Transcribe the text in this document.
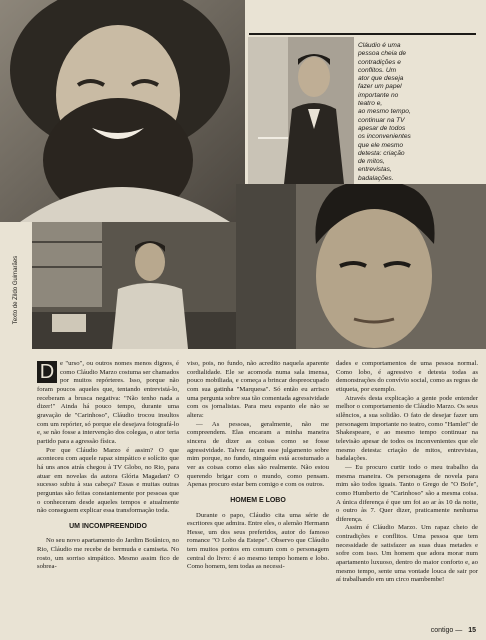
Cláudio é uma
pessoa cheia de
contradições e
conflitos. Um
ator que deseja
fazer um papel
importante no
teatro e,
ao mesmo tempo,
continuar na TV
apesar de todos
os inconvenientes
que ele mesmo
detesta: criação
de mitos,
entrevistas,
badalações.
Texto de Zildo Guimarães

D e "urso", ou outros nomes menos dignos, é como Cláudio Marzo costuma ser chamados por muitos repórteres. Isso, porque não foram poucos aqueles que, tentando entrevistá-lo, receberam a brusca negativa: "Não tenho nada a dizer!" Ainda há pouco tempo, durante uma gravação de "Carinhoso", Cláudio trocou insultos com um repórter, só porque ele desejava fotografá-lo e, se não fosse a intervenção dos colegas, o ator teria partido para a agressão física.

Por que Cláudio Marzo é assim? O que aconteceu com aquele rapaz simpático e solícito que há uns anos atrás chegou à TV Globo, no Rio, para atuar em novelas da autora Glória Magadan? O sucesso subiu à sua cabeça? Essas e muitas outras perguntas são feitas constantemente por pessoas que o conheceram desde aqueles tempos e atualmente não conseguem explicar essa transformação toda.

UM INCOMPREENDIDO

No seu novo apartamento do Jardim Botânico, no Rio, Cláudio me recebe de bermuda e camiseta. No rosto, um sorriso simpático. Mesmo assim fico de sobrea-

viso, pois, no fundo, não acredito naquela aparente cordialidade. Ele se acomoda numa sala imensa, pouco mobiliada, e começa a brincar despreocupado com sua gatinha "Marquesa". Só então eu arrisco uma pergunta sobre sua tão comentada agressividade com os jornalistas. Para meu espanto ele não se altera:

— As pessoas, geralmente, não me compreendem. Elas encaram a minha maneira sincera de dizer as coisas como se fosse agressividade. Talvez façam esse julgamento sobre mim porque, no fundo, ninguém está acostumado a ver as coisas como elas são realmente. Não estou querendo brigar com o mundo, como pensam. Apenas procuro estar bem comigo e com os outros.

HOMEM E LOBO

Durante o papo, Cláudio cita uma série de escritores que admira. Entre eles, o alemão Hermann Hesse, um dos seus preferidos, autor do famoso romance "O Lobo da Estepe". Observo que Cláudio tem muitos pontos em comum com o personagem central do livro: é ao mesmo tempo homem e lobo. Como homem, tem todas as necessi-

dades e comportamentos de uma pessoa normal. Como lobo, é agressivo e detesta todas as demonstrações do convívio social, como as regras de etiqueta, por exemplo.

Através desta explicação a gente pode entender melhor o comportamento de Cláudio Marzo. Os seus silêncios, a sua solidão. O fato de desejar fazer um personagem importante no teatro, como "Hamlet" de Shakespeare, e ao mesmo tempo continuar na televisão apesar de todos os inconvenientes que ele mesmo detesta: criação de mitos, entrevistas, badalações.

— Eu procuro curtir todo o meu trabalho da mesma maneira. Os personagens de novela para mim são todos iguais. Tanto o Grego de "O Bofe", como Humberto de "Carinhoso" são a mesma coisa. A única diferença é que um foi ao ar às 10 da noite, o outro às 7. Quer dizer, praticamente nenhuma diferença.

Assim é Cláudio Marzo. Um rapaz cheio de contradições e conflitos. Uma pessoa que tem necessidade de satisfazer as suas duas metades e sofre com isso. Um homem que adora morar num apartamento luxuoso, dentro do maior conforto e, ao mesmo tempo, sente uma vontade louca de sair por aí trabalhando em um circo mambembe!

contigo — 15
